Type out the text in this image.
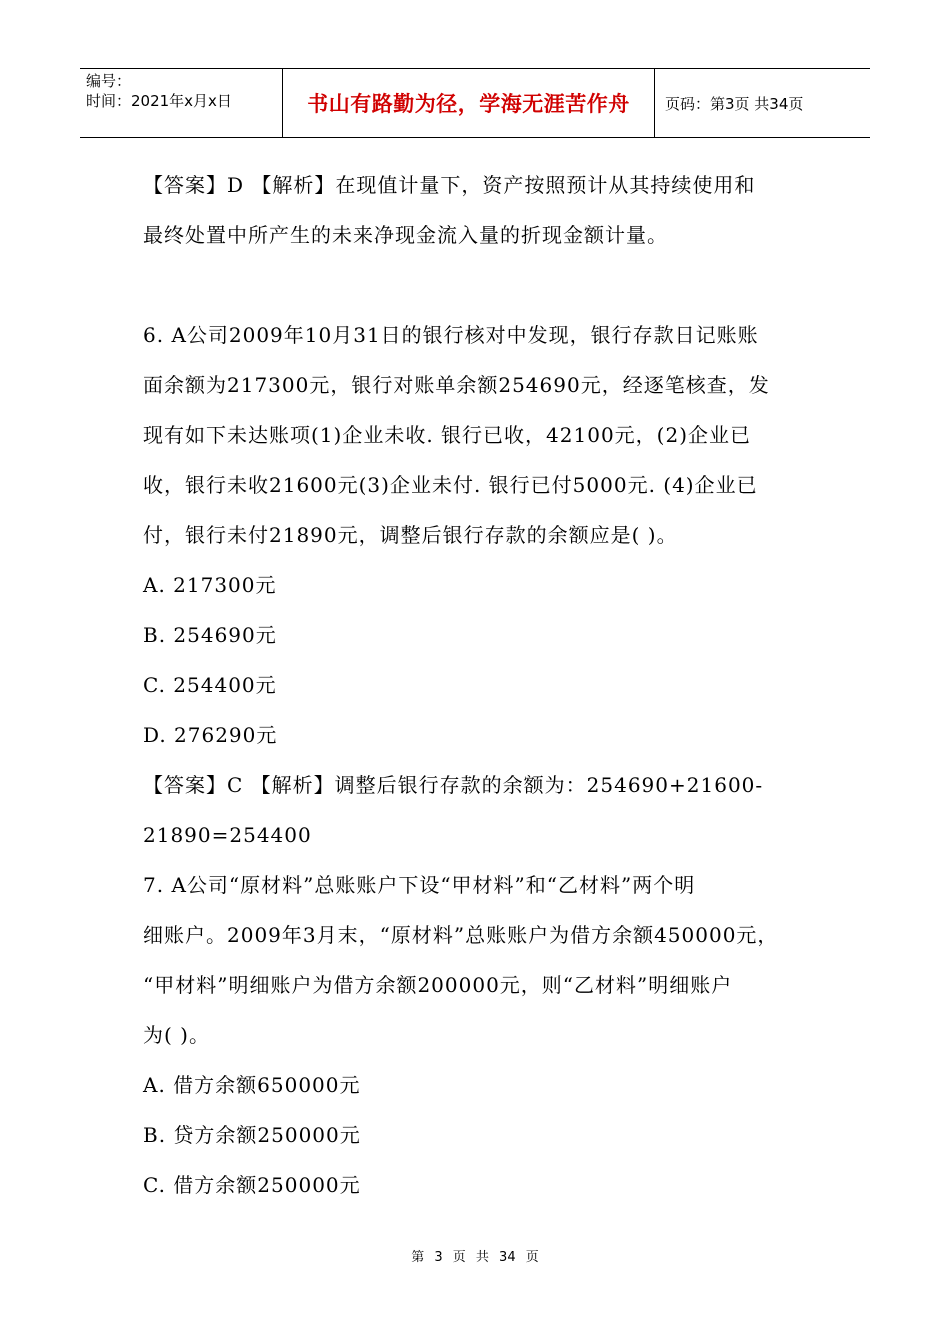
编号：
时间：2021年x月x日	书山有路勤为径，学海无涯苦作舟	页码：第3页 共34页
【答案】D 【解析】在现值计量下，资产按照预计从其持续使用和
最终处置中所产生的未来净现金流入量的折现金额计量。
6. A公司2009年10月31日的银行核对中发现，银行存款日记账账
面余额为217300元，银行对账单余额254690元，经逐笔核查，发
现有如下未达账项(1)企业未收. 银行已收，42100元，(2)企业已
收，银行未收21600元(3)企业未付. 银行已付5000元. (4)企业已
付，银行未付21890元，调整后银行存款的余额应是( )。
A. 217300元
B. 254690元
C. 254400元
D. 276290元
【答案】C 【解析】调整后银行存款的余额为：254690+21600-
21890=254400
7. A公司“原材料”总账账户下设“甲材料”和“乙材料”两个明
细账户。2009年3月末，“原材料”总账账户为借方余额450000元，
“甲材料”明细账户为借方余额200000元，则“乙材料”明细账户
为( )。
A. 借方余额650000元
B. 贷方余额250000元
C. 借方余额250000元
第 3 页 共 34 页
